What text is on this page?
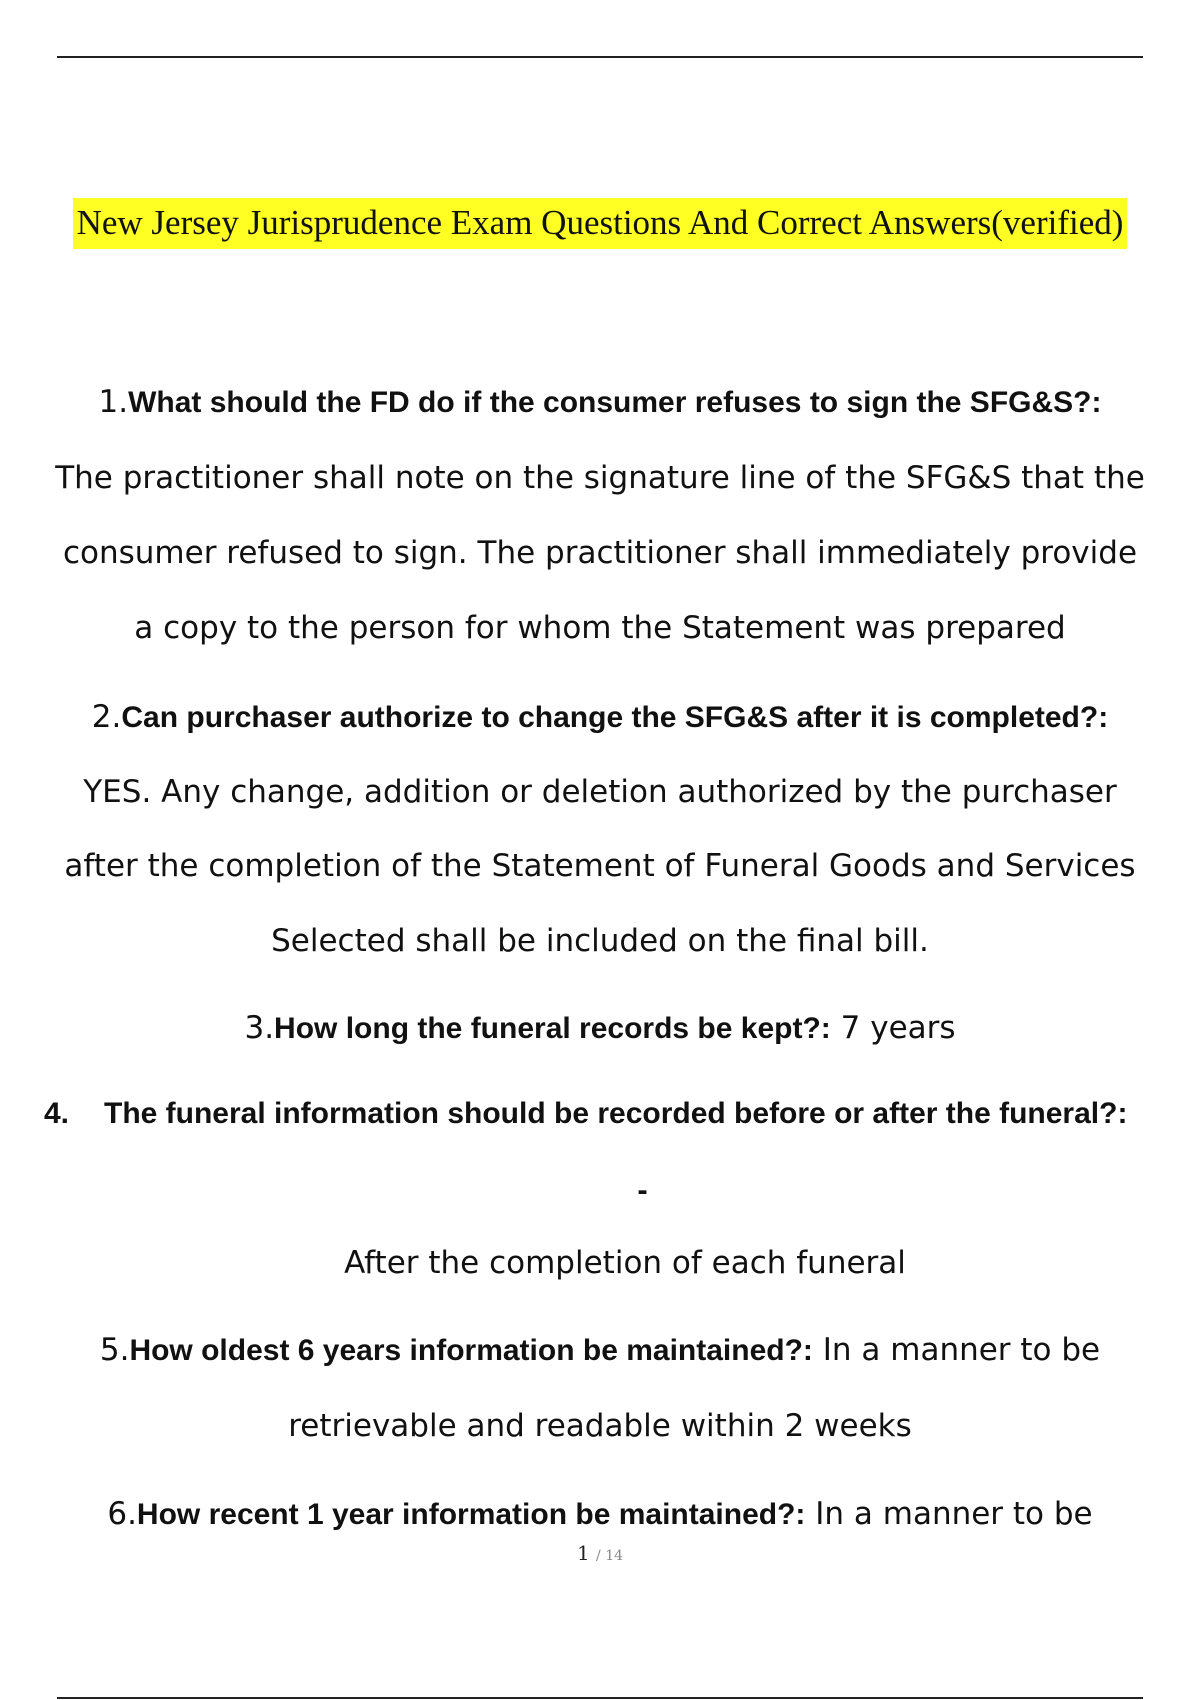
New Jersey Jurisprudence Exam Questions And Correct Answers(verified)
1.What should the FD do if the consumer refuses to sign the SFG&S?:
The practitioner shall note on the signature line of the SFG&S that the
consumer refused to sign. The practitioner shall immediately provide
a copy to the person for whom the Statement was prepared
2.Can purchaser authorize to change the SFG&S after it is completed?:
YES. Any change, addition or deletion authorized by the purchaser
after the completion of the Statement of Funeral Goods and Services
Selected shall be included on the final bill.
3.How long the funeral records be kept?: 7 years
4. The funeral information should be recorded before or after the funeral?:
-
After the completion of each funeral
5.How oldest 6 years information be maintained?: In a manner to be
retrievable and readable within 2 weeks
6.How recent 1 year information be maintained?: In a manner to be
1 / 14
